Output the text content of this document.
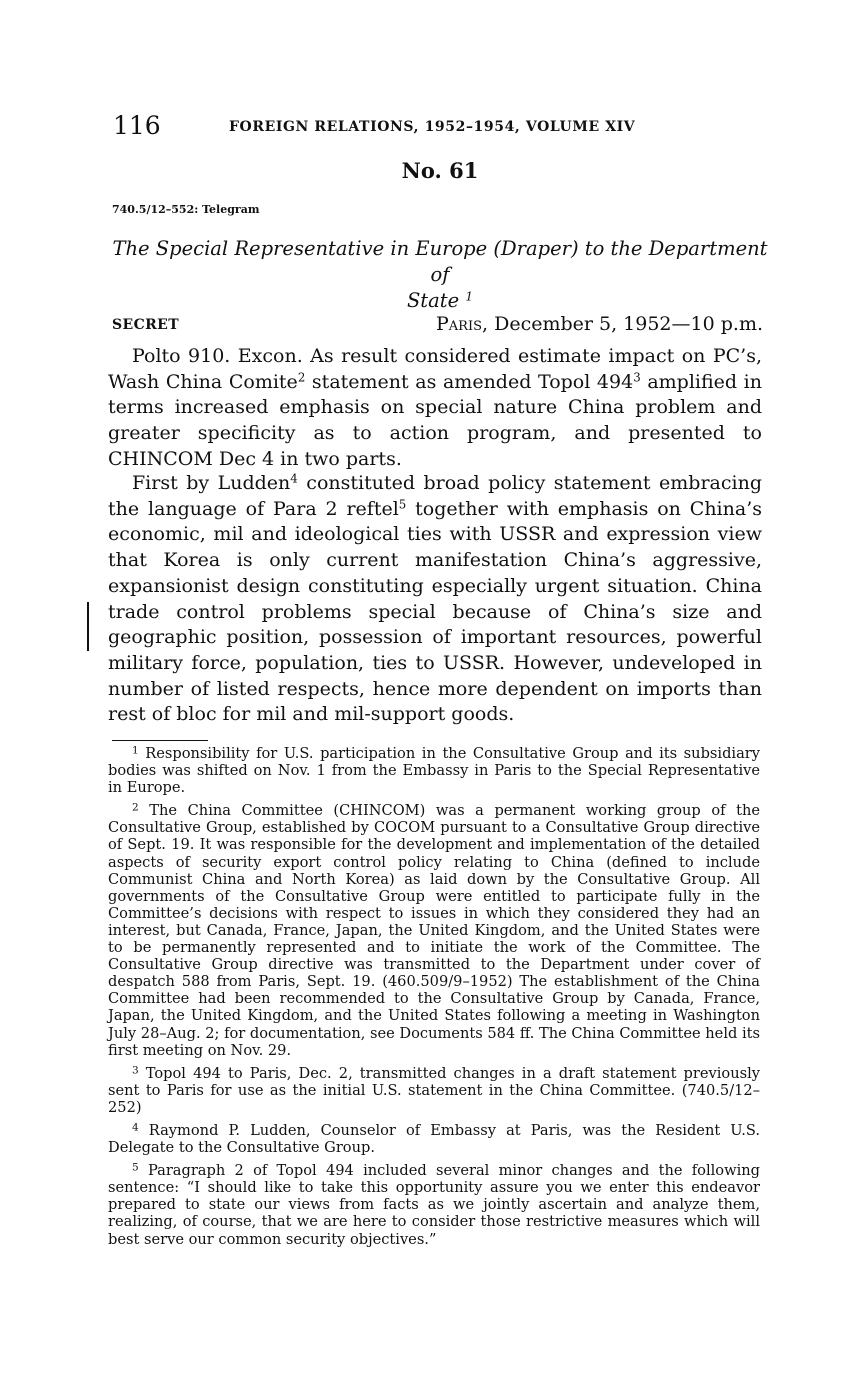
116	FOREIGN RELATIONS, 1952–1954, VOLUME XIV
No. 61
740.5/12–552: Telegram
The Special Representative in Europe (Draper) to the Department of
State $^1$
SECRET	Paris, December 5, 1952—10 p.m.

Polto 910. Excon. As result considered estimate impact on PC’s, Wash China Comite$^2$ statement as amended Topol $494^3$ amplified in terms increased emphasis on special nature China problem and greater specificity as to action program, and presented to CHINCOM Dec 4 in two parts.

First by Ludden$^4$ constituted broad policy statement embracing the language of Para 2 reftel$^5$ together with emphasis on China’s economic, mil and ideological ties with USSR and expression view that Korea is only current manifestation China’s aggressive, expansionist design constituting especially urgent situation. China trade control problems special because of China’s size and geographic position, possession of important resources, powerful military force, population, ties to USSR. However, undeveloped in number of listed respects, hence more dependent on imports than rest of bloc for mil and mil-support goods.

$^1$ Responsibility for U.S. participation in the Consultative Group and its subsidiary bodies was shifted on Nov. 1 from the Embassy in Paris to the Special Representative in Europe.

$^2$ The China Committee (CHINCOM) was a permanent working group of the Consultative Group, established by COCOM pursuant to a Consultative Group directive of Sept. 19. It was responsible for the development and implementation of the detailed aspects of security export control policy relating to China (defined to include Communist China and North Korea) as laid down by the Consultative Group. All governments of the Consultative Group were entitled to participate fully in the Committee’s decisions with respect to issues in which they considered they had an interest, but Canada, France, Japan, the United Kingdom, and the United States were to be permanently represented and to initiate the work of the Committee. The Consultative Group directive was transmitted to the Department under cover of despatch 588 from Paris, Sept. 19. (460.509/9–1952) The establishment of the China Committee had been recommended to the Consultative Group by Canada, France, Japan, the United Kingdom, and the United States following a meeting in Washington July 28–Aug. 2; for documentation, see Documents 584 ff. The China Committee held its first meeting on Nov. 29.

$^3$ Topol 494 to Paris, Dec. 2, transmitted changes in a draft statement previously sent to Paris for use as the initial U.S. statement in the China Committee. (740.5/12–252)

$^4$ Raymond P. Ludden, Counselor of Embassy at Paris, was the Resident U.S. Delegate to the Consultative Group.

$^5$ Paragraph 2 of Topol 494 included several minor changes and the following sentence: “I should like to take this opportunity assure you we enter this endeavor prepared to state our views from facts as we jointly ascertain and analyze them, realizing, of course, that we are here to consider those restrictive measures which will best serve our common security objectives.”
